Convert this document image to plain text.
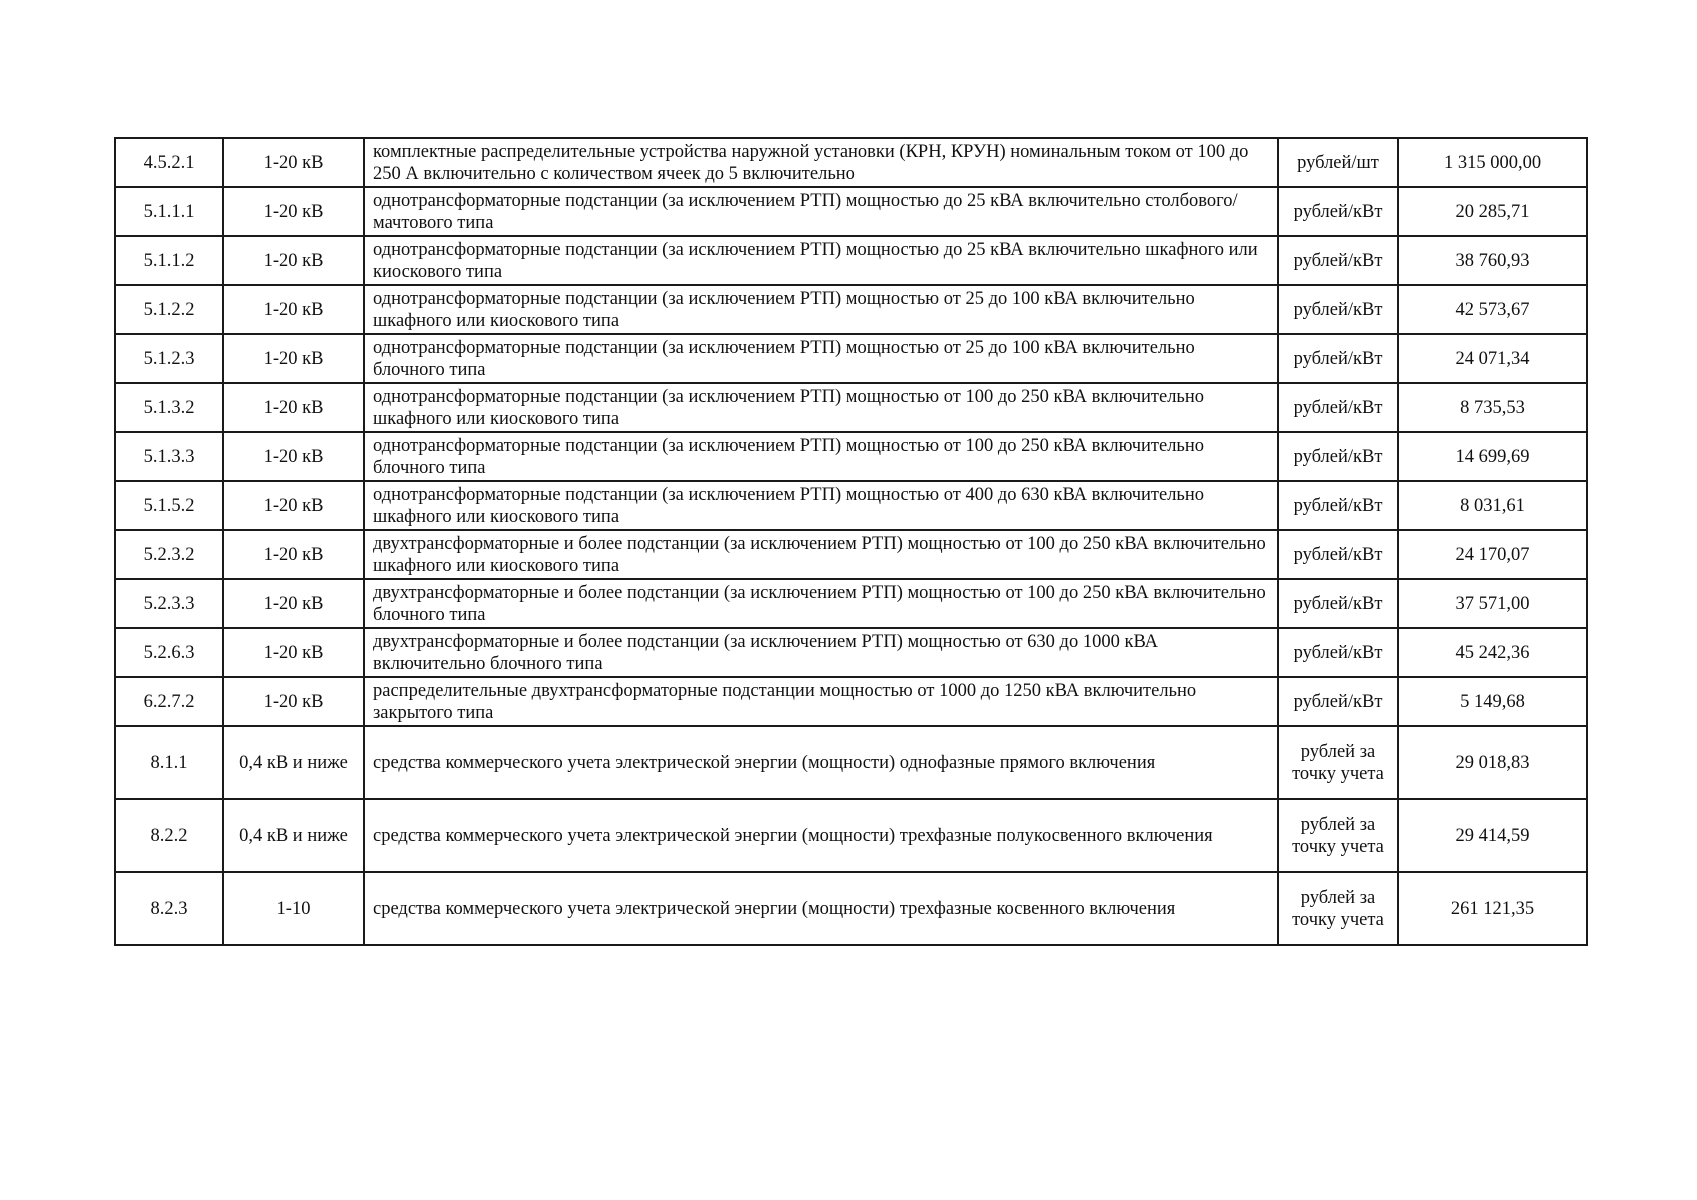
4.5.2.1	1-20 кВ	комплектные распределительные устройства наружной установки (КРН, КРУН) номинальным током от 100 до 250 А включительно с количеством ячеек до 5 включительно	рублей/шт	1 315 000,00
5.1.1.1	1-20 кВ	однотрансформаторные подстанции (за исключением РТП) мощностью до 25 кВА включительно столбового/мачтового типа	рублей/кВт	20 285,71
5.1.1.2	1-20 кВ	однотрансформаторные подстанции (за исключением РТП) мощностью до 25 кВА включительно шкафного или киоскового типа	рублей/кВт	38 760,93
5.1.2.2	1-20 кВ	однотрансформаторные подстанции (за исключением РТП) мощностью от 25 до 100 кВА включительно шкафного или киоскового типа	рублей/кВт	42 573,67
5.1.2.3	1-20 кВ	однотрансформаторные подстанции (за исключением РТП) мощностью от 25 до 100 кВА включительно блочного типа	рублей/кВт	24 071,34
5.1.3.2	1-20 кВ	однотрансформаторные подстанции (за исключением РТП) мощностью от 100 до 250 кВА включительно шкафного или киоскового типа	рублей/кВт	8 735,53
5.1.3.3	1-20 кВ	однотрансформаторные подстанции (за исключением РТП) мощностью от 100 до 250 кВА включительно блочного типа	рублей/кВт	14 699,69
5.1.5.2	1-20 кВ	однотрансформаторные подстанции (за исключением РТП) мощностью от 400 до 630 кВА включительно шкафного или киоскового типа	рублей/кВт	8 031,61
5.2.3.2	1-20 кВ	двухтрансформаторные и более подстанции (за исключением РТП) мощностью от 100 до 250 кВА включительно шкафного или киоскового типа	рублей/кВт	24 170,07
5.2.3.3	1-20 кВ	двухтрансформаторные и более подстанции (за исключением РТП) мощностью от 100 до 250 кВА включительно блочного типа	рублей/кВт	37 571,00
5.2.6.3	1-20 кВ	двухтрансформаторные и более подстанции (за исключением РТП) мощностью от 630 до 1000 кВА включительно блочного типа	рублей/кВт	45 242,36
6.2.7.2	1-20 кВ	распределительные двухтрансформаторные подстанции мощностью от 1000 до 1250 кВА включительно закрытого типа	рублей/кВт	5 149,68
8.1.1	0,4 кВ и ниже	средства коммерческого учета электрической энергии (мощности) однофазные прямого включения	рублей за точку учета	29 018,83
8.2.2	0,4 кВ и ниже	средства коммерческого учета электрической энергии (мощности) трехфазные полукосвенного включения	рублей за точку учета	29 414,59
8.2.3	1-10	средства коммерческого учета электрической энергии (мощности) трехфазные косвенного включения	рублей за точку учета	261 121,35
